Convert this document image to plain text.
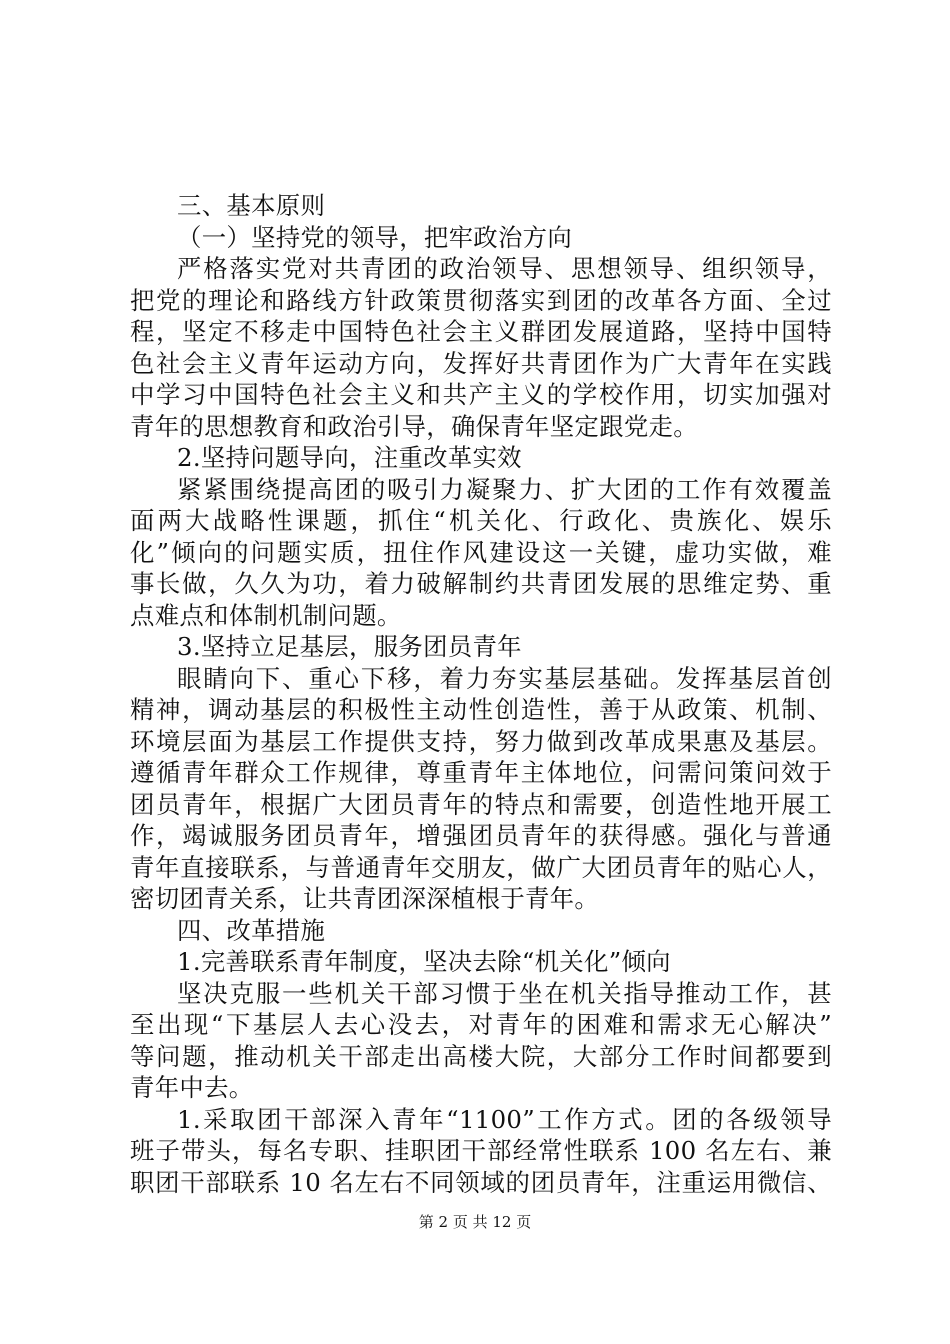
三、基本原则
（一）坚持党的领导，把牢政治方向
严格落实党对共青团的政治领导、思想领导、组织领导，
把党的理论和路线方针政策贯彻落实到团的改革各方面、全过
程，坚定不移走中国特色社会主义群团发展道路，坚持中国特
色社会主义青年运动方向，发挥好共青团作为广大青年在实践
中学习中国特色社会主义和共产主义的学校作用，切实加强对
青年的思想教育和政治引导，确保青年坚定跟党走。
2.坚持问题导向，注重改革实效
紧紧围绕提高团的吸引力凝聚力、扩大团的工作有效覆盖
面两大战略性课题，抓住“机关化、行政化、贵族化、娱乐
化”倾向的问题实质，扭住作风建设这一关键，虚功实做，难
事长做，久久为功，着力破解制约共青团发展的思维定势、重
点难点和体制机制问题。
3.坚持立足基层，服务团员青年
眼睛向下、重心下移，着力夯实基层基础。发挥基层首创
精神，调动基层的积极性主动性创造性，善于从政策、机制、
环境层面为基层工作提供支持，努力做到改革成果惠及基层。
遵循青年群众工作规律，尊重青年主体地位，问需问策问效于
团员青年，根据广大团员青年的特点和需要，创造性地开展工
作，竭诚服务团员青年，增强团员青年的获得感。强化与普通
青年直接联系，与普通青年交朋友，做广大团员青年的贴心人，
密切团青关系，让共青团深深植根于青年。
四、改革措施
1.完善联系青年制度，坚决去除“机关化”倾向
坚决克服一些机关干部习惯于坐在机关指导推动工作，甚
至出现“下基层人去心没去，对青年的困难和需求无心解决”
等问题，推动机关干部走出高楼大院，大部分工作时间都要到
青年中去。
1.采取团干部深入青年“1100”工作方式。团的各级领导
班子带头，每名专职、挂职团干部经常性联系 100 名左右、兼
职团干部联系 10 名左右不同领域的团员青年，注重运用微信、
第 2 页 共 12 页
